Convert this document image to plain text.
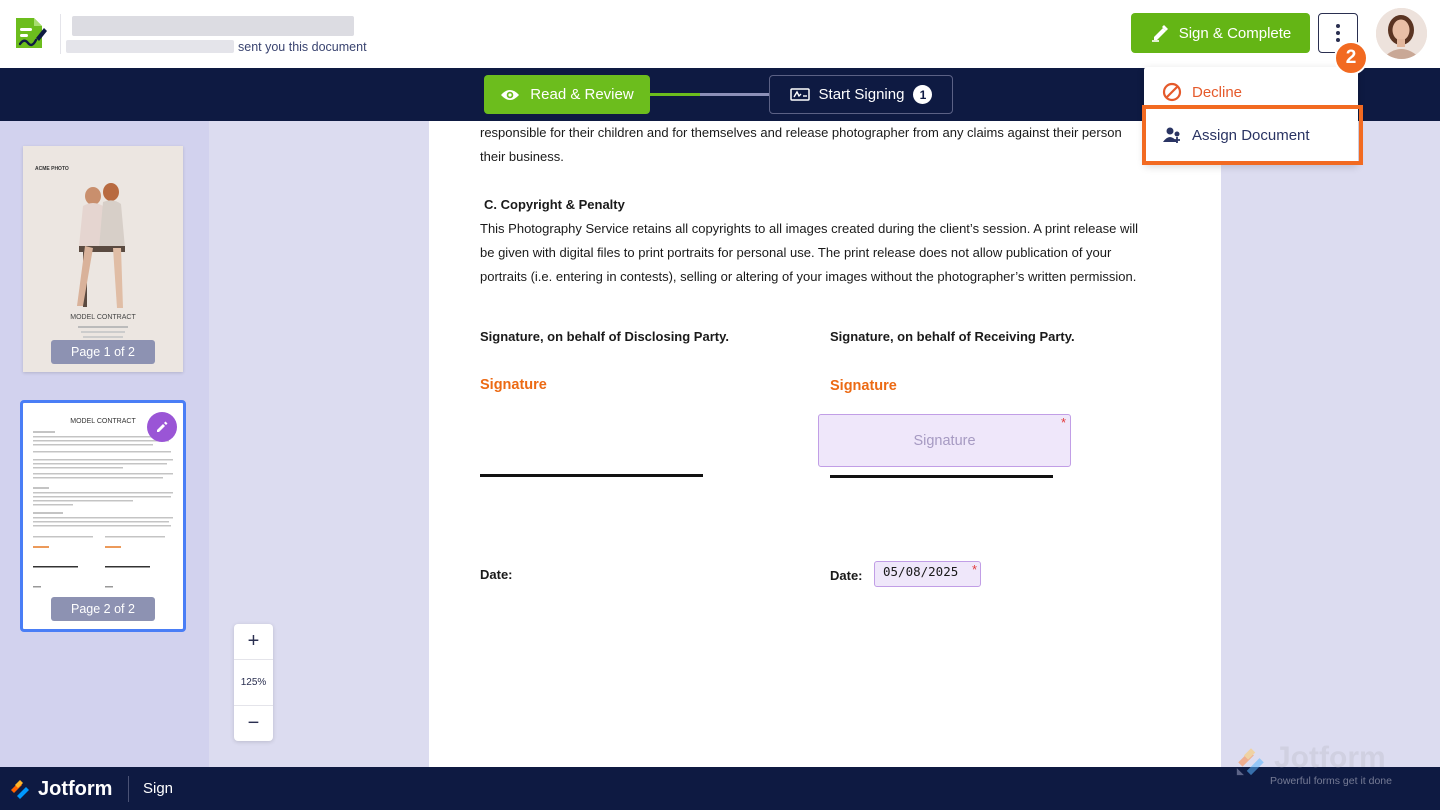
sent you this document
Sign & Complete
Read & Review	Start Signing	1
ACME PHOTO
MODEL CONTRACT
Page 1 of 2
MODEL CONTRACT
Page 2 of 2
+
125%
−

responsible for their children and for themselves and release photographer from any claims against their person

their business.

C. Copyright & Penalty

This Photography Service retains all copyrights to all images created during the client’s session. A print release will

be given with digital files to print portraits for personal use. The print release does not allow publication of your

portraits (i.e. entering in contests), selling or altering of your images without the photographer’s written permission.

Signature, on behalf of Disclosing Party.	Signature, on behalf of Receiving Party.

Signature	Signature
Signature
*

Date:	Date:	05/08/2025	*
Decline
Assign Document
2
Jotform Sign
Jotform
Powerful forms get it done
